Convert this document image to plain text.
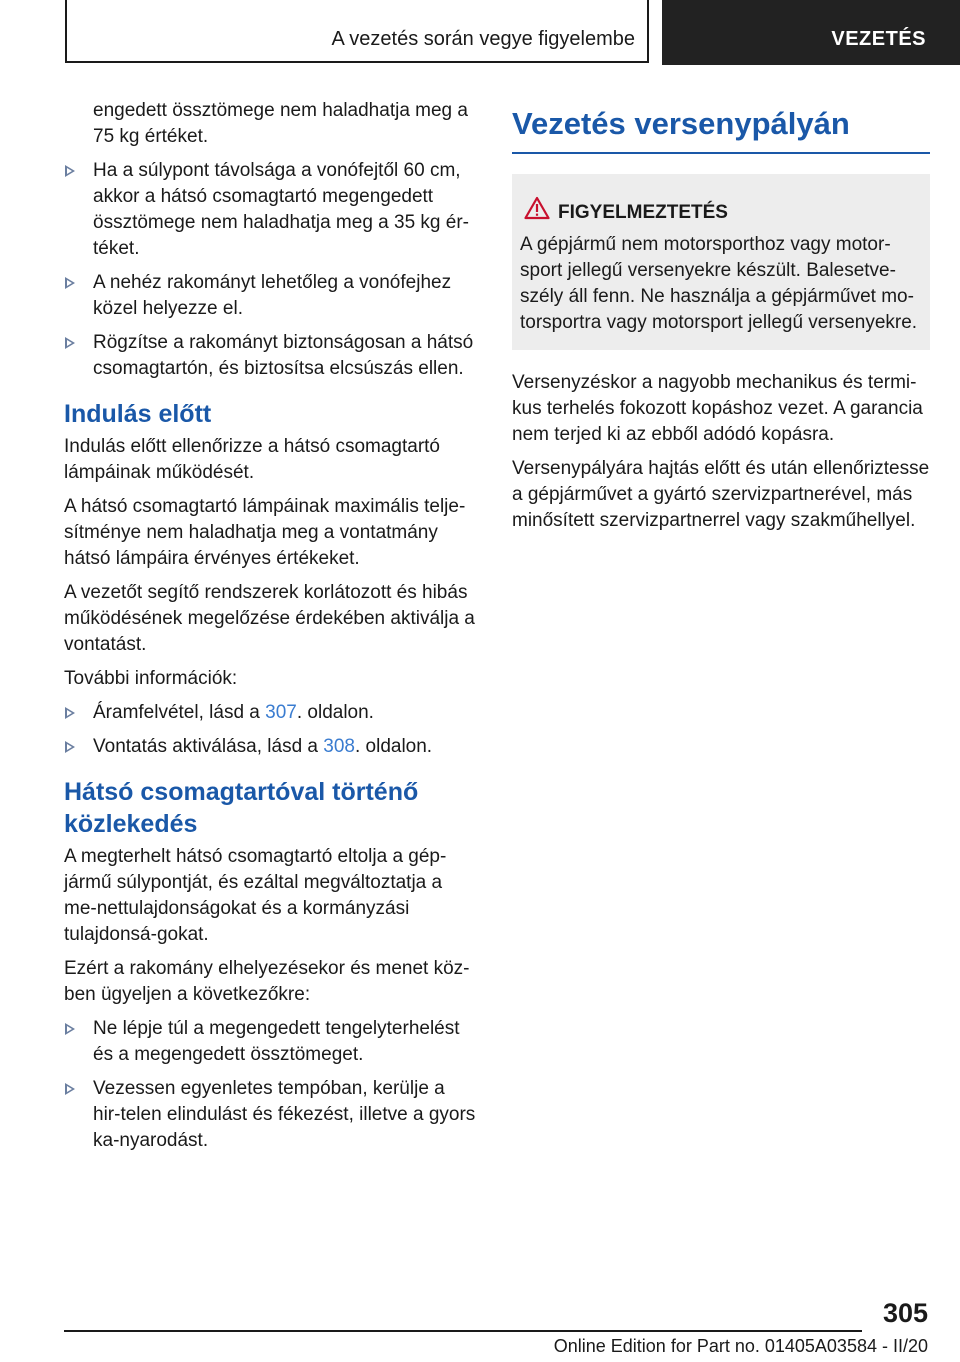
A vezetés során vegye figyelembe	VEZETÉS

engedett össztömege nem haladhatja meg a 75 kg értéket.

Ha a súlypont távolsága a vonófejtől 60 cm, akkor a hátsó csomagtartó megengedett össztömege nem haladhatja meg a 35 kg ér‐téket.
A nehéz rakományt lehetőleg a vonófejhez közel helyezze el.
Rögzítse a rakományt biztonságosan a hátsó csomagtartón, és biztosítsa elcsúszás ellen.
Indulás előtt

Indulás előtt ellenőrizze a hátsó csomagtartó lámpáinak működését.

A hátsó csomagtartó lámpáinak maximális telje‐sítménye nem haladhatja meg a vontatmány hátsó lámpáira érvényes értékeket.

A vezetőt segítő rendszerek korlátozott és hibás működésének megelőzése érdekében aktiválja a vontatást.

További információk:

Áramfelvétel, lásd a 307. oldalon.
Vontatás aktiválása, lásd a 308. oldalon.
Hátsó csomagtartóval történő közlekedés

A megterhelt hátsó csomagtartó eltolja a gép‐jármű súlypontját, és ezáltal megváltoztatja a me‐nettulajdonságokat és a kormányzási tulajdonsá‐gokat.

Ezért a rakomány elhelyezésekor és menet köz‐ben ügyeljen a következőkre:

Ne lépje túl a megengedett tengelyterhelést és a megengedett össztömeget.
Vezessen egyenletes tempóban, kerülje a hir‐telen elindulást és fékezést, illetve a gyors ka‐nyarodást.
Vezetés versenypályán
FIGYELMEZTETÉS

A gépjármű nem motorsporthoz vagy motor‐sport jellegű versenyekre készült. Balesetve‐szély áll fenn. Ne használja a gépjárművet mo‐torsportra vagy motorsport jellegű versenyekre.

Versenyzéskor a nagyobb mechanikus és termi‐kus terhelés fokozott kopáshoz vezet. A garancia nem terjed ki az ebből adódó kopásra.

Versenypályára hajtás előtt és után ellenőriztesse a gépjárművet a gyártó szervizpartnerével, más minősített szervizpartnerrel vagy szakműhellyel.

305
Online Edition for Part no. 01405A03584 - II/20
